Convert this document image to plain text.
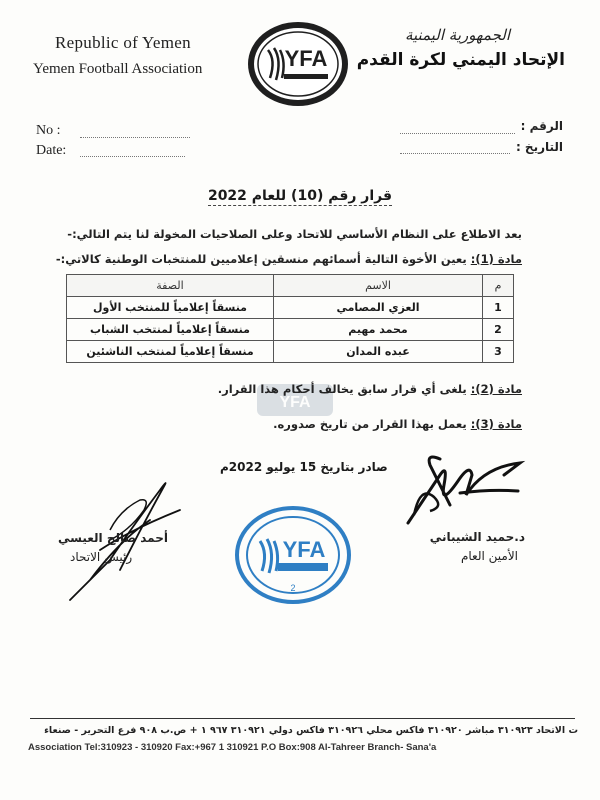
Republic of Yemen
Yemen Football Association
الجمهورية اليمنية
الإتحاد اليمني لكرة القدم
YFA
No :
Date:
الرقم :
التاريخ :
قرار رقم (10) للعام 2022
بعد الاطلاع على النظام الأساسي للاتحاد وعلى الصلاحيات المخولة لنا يتم التالي:-
مادة (1): يعين الأخوة التالية أسمائهم منسقين إعلاميين للمنتخبات الوطنية كالاتي:-
م	الاسم	الصفة
1	العزي المصامي	منسقاً إعلامياً للمنتخب الأول
2	محمد مهيم	منسقاً إعلامياً لمنتخب الشباب
3	عبده المدان	منسقاً إعلامياً لمنتخب الناشئين
YFA
مادة (2): يلغى أي قرار سابق يخالف أحكام هذا القرار.
مادة (3): يعمل بهذا القرار من تاريخ صدوره.
صادر بتاريخ 15 يوليو 2022م
د.حميد الشيباني
الأمين العام
أحمد صالح العيسي
رئيس الاتحاد	YFA
2
ت الاتحاد ٣١٠٩٢٣ مباشر ٣١٠٩٢٠ فاكس محلي ٣١٠٩٢٦ فاكس دولي ٣١٠٩٢١ ٩٦٧ ١ + ص.ب ٩٠٨ فرع التحرير - صنعاء
Association Tel:310923 - 310920 Fax:+967 1 310921 P.O Box:908 Al-Tahreer Branch- Sana'a
